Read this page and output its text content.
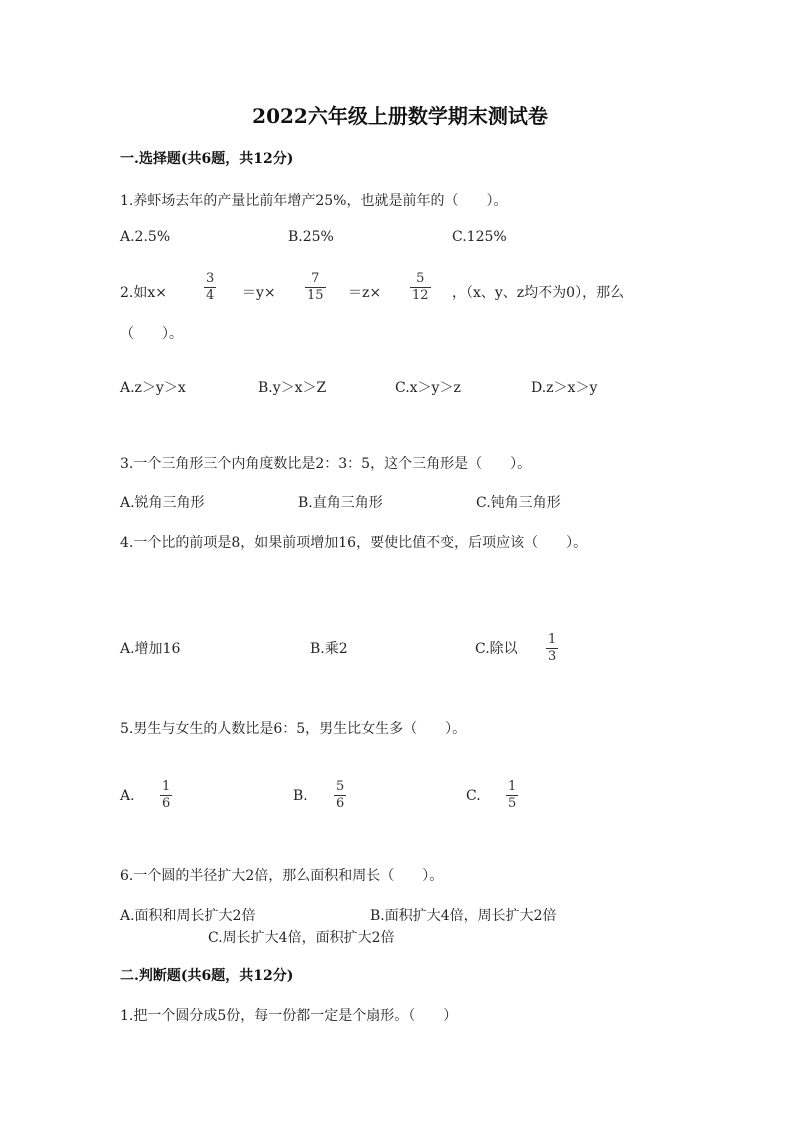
2022六年级上册数学期末测试卷
一.选择题(共6题，共12分)
1.养虾场去年的产量比前年增产25%，也就是前年的（　　）。
A.2.5%	B.25%	C.125%
2.如x×
3
4 ＝y×
7
15 ＝z×
5
12 ，（x、y、z均不为0），那么
（　　）。
A.z＞y＞x	B.y＞x＞Z	C.x＞y＞z	D.z＞x＞y
3.一个三角形三个内角度数比是2：3：5，这个三角形是（　　）。
A.锐角三角形	B.直角三角形	C.钝角三角形
4.一个比的前项是8，如果前项增加16，要使比值不变，后项应该（　　）。
A.增加16	B.乘2	C.除以
1
3
5.男生与女生的人数比是6：5，男生比女生多（　　）。
A.
1
6	B.
5
6	C.
1
5
6.一个圆的半径扩大2倍，那么面积和周长（　　）。
A.面积和周长扩大2倍	B.面积扩大4倍，周长扩大2倍
C.周长扩大4倍，面积扩大2倍
二.判断题(共6题，共12分)
1.把一个圆分成5份，每一份都一定是个扇形。（　　）
